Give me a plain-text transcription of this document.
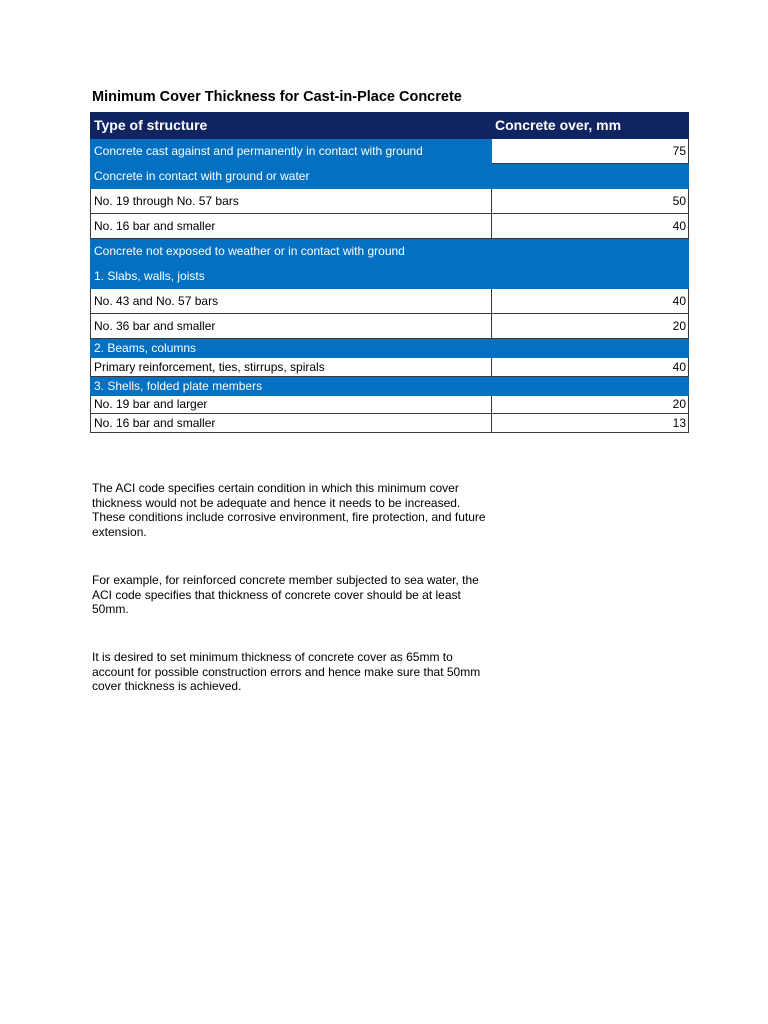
Minimum Cover Thickness for Cast-in-Place Concrete
Type of structure	Concrete over, mm
Concrete cast against and permanently in contact with ground	75
Concrete in contact with ground or water	
No. 19 through No. 57 bars	50
No. 16 bar and smaller	40
Concrete not exposed to weather or in contact with ground	
1. Slabs, walls, joists	
No. 43 and No. 57 bars	40
No. 36 bar and smaller	20
2. Beams, columns	
Primary reinforcement, ties, stirrups, spirals	40
3. Shells, folded plate members	
No. 19 bar and larger	20
No. 16 bar and smaller	13
The ACI code specifies certain condition in which this minimum cover thickness would not be adequate and hence it needs to be increased. These conditions include corrosive environment, fire protection, and future extension.
For example, for reinforced concrete member subjected to sea water, the ACI code specifies that thickness of concrete cover should be at least 50mm.
It is desired to set minimum thickness of concrete cover as 65mm to account for possible construction errors and hence make sure that 50mm cover thickness is achieved.
